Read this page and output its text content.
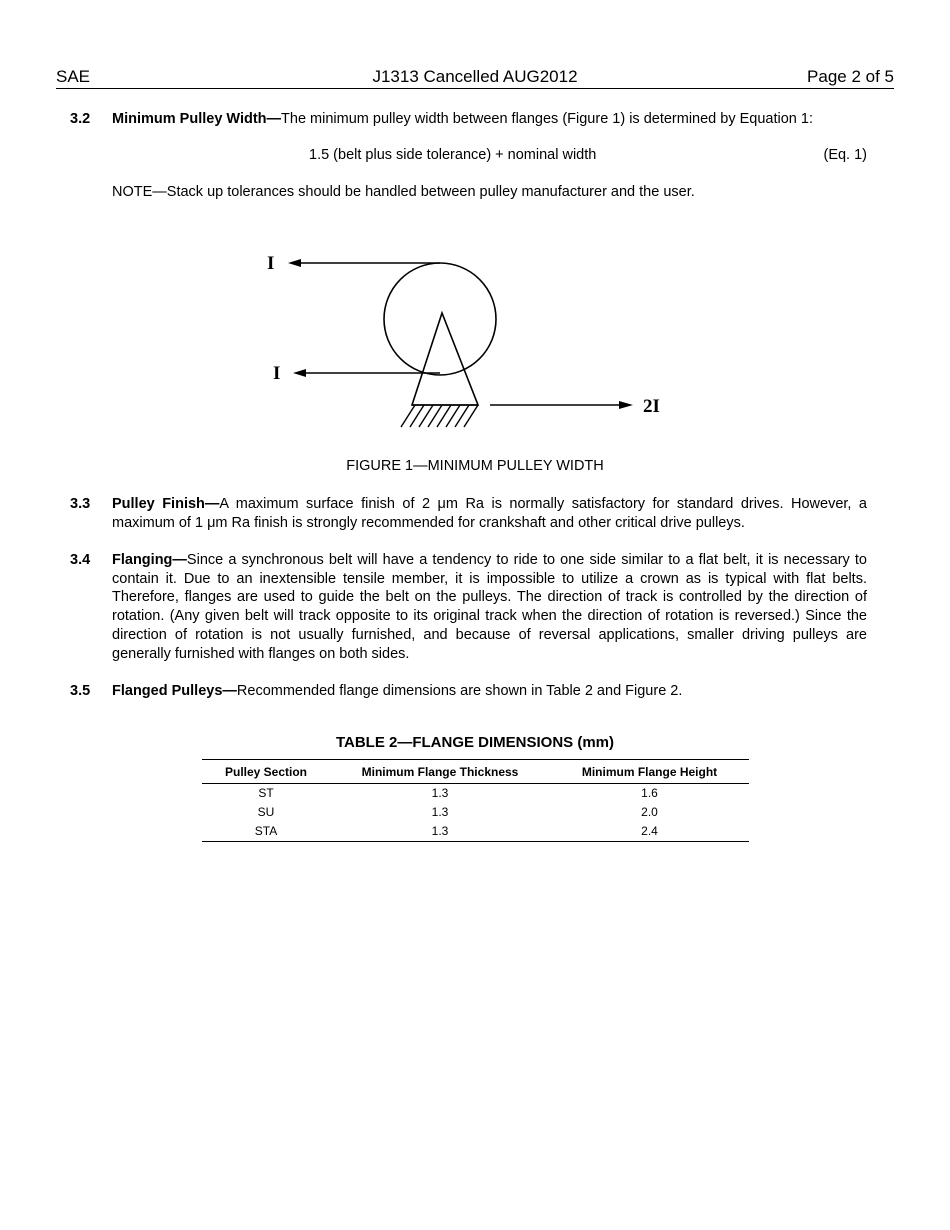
SAE	J1313 Cancelled AUG2012	Page 2 of 5
3.2 Minimum Pulley Width—The minimum pulley width between flanges (Figure 1) is determined by Equation 1:
1.5 (belt plus side tolerance) + nominal width	(Eq. 1)
NOTE—Stack up tolerances should be handled between pulley manufacturer and the user.
I
I
2I
FIGURE 1—MINIMUM PULLEY WIDTH
3.3 Pulley Finish—A maximum surface finish of 2 μm Ra is normally satisfactory for standard drives. However, a maximum of 1 μm Ra finish is strongly recommended for crankshaft and other critical drive pulleys.
3.4 Flanging—Since a synchronous belt will have a tendency to ride to one side similar to a flat belt, it is necessary to contain it. Due to an inextensible tensile member, it is impossible to utilize a crown as is typical with flat belts. Therefore, flanges are used to guide the belt on the pulleys. The direction of track is controlled by the direction of rotation. (Any given belt will track opposite to its original track when the direction of rotation is reversed.) Since the direction of rotation is not usually furnished, and because of reversal applications, smaller driving pulleys are generally furnished with flanges on both sides.
3.5 Flanged Pulleys—Recommended flange dimensions are shown in Table 2 and Figure 2.
TABLE 2—FLANGE DIMENSIONS (mm)
Pulley Section	Minimum Flange Thickness	Minimum Flange Height
ST	1.3	1.6
SU	1.3	2.0
STA	1.3	2.4
